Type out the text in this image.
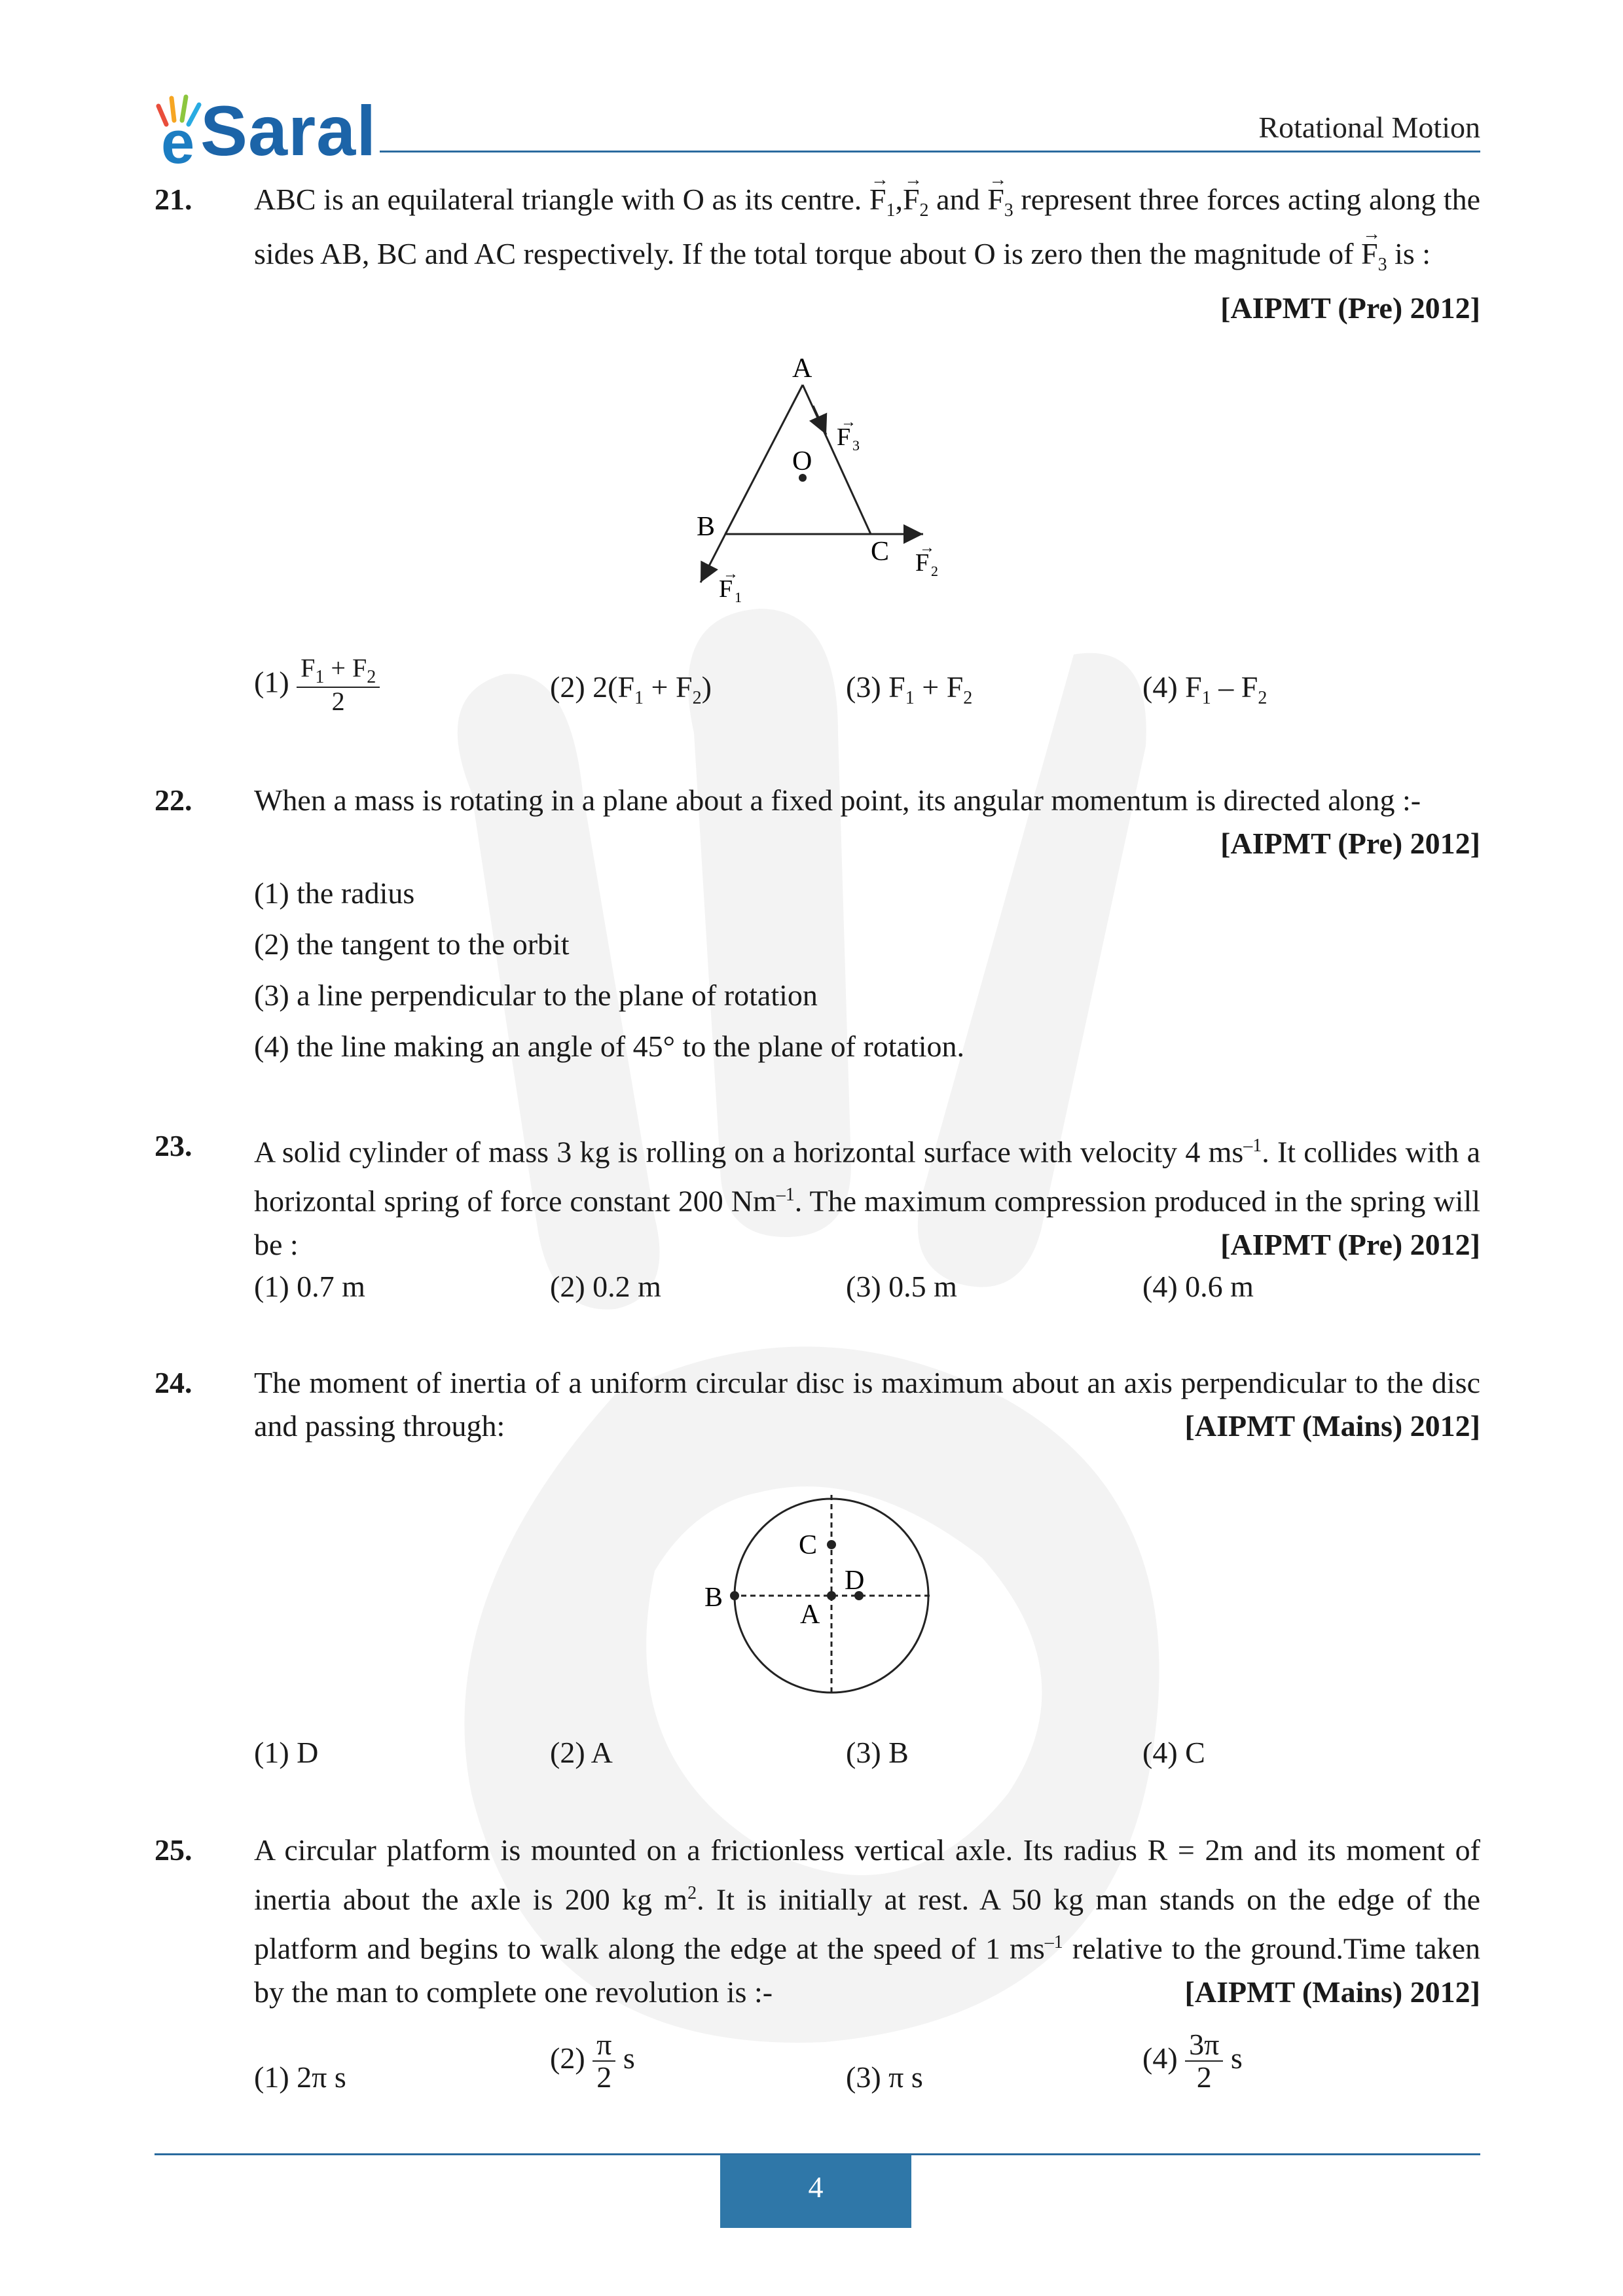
e Saral	Rotational Motion
21. ABC is an equilateral triangle with O as its centre. → $F_1,\to F_2$ and → $F_3$ represent three forces acting along the sides AB, BC and AC respectively. If the total torque about O is zero then the magnitude of → $F_3$ is :
[AIPMT (Pre) 2012]
A
B
C
O
F 3
→
F 2
→
F 1
→
$(1) \frac{F_1 + F_2}{2}$	(2) $2(F_1 + F_2)$	(3) $F_1 + F_2$	(4) $F_1 - F_2$
22. When a mass is rotating in a plane about a fixed point, its angular momentum is directed along :-
[AIPMT (Pre) 2012]
(1) the radius
(2) the tangent to the orbit
(3) a line perpendicular to the plane of rotation
(4) the line making an angle of 45° to the plane of rotation.
23. A solid cylinder of mass 3 kg is rolling on a horizontal surface with velocity 4 $ms^{-1}$. It collides with a horizontal spring of force constant 200 $Nm^{-1}$. The maximum compression produced in the spring will be :	[AIPMT (Pre) 2012]
(1) 0.7 m	(2) 0.2 m	(3) 0.5 m	(4) 0.6 m
24. The moment of inertia of a uniform circular disc is maximum about an axis perpendicular to the disc and passing through:	[AIPMT (Mains) 2012]
C
D
B
A
(1) D	(2) A	(3) B	(4) C
25. A circular platform is mounted on a frictionless vertical axle. Its radius R = 2m and its moment of inertia about the axle is 200 kg $m^2$. It is initially at rest. A 50 kg man stands on the edge of the platform and begins to walk along the edge at the speed of 1 $ms^{-1}$ relative to the ground.Time taken by the man to complete one revolution is :-	[AIPMT (Mains) 2012]
(1) 2π s
$(2) \frac{\pi}{2}$ s
(3) π s
$(4) \frac{3\pi}{2}$ s
4
